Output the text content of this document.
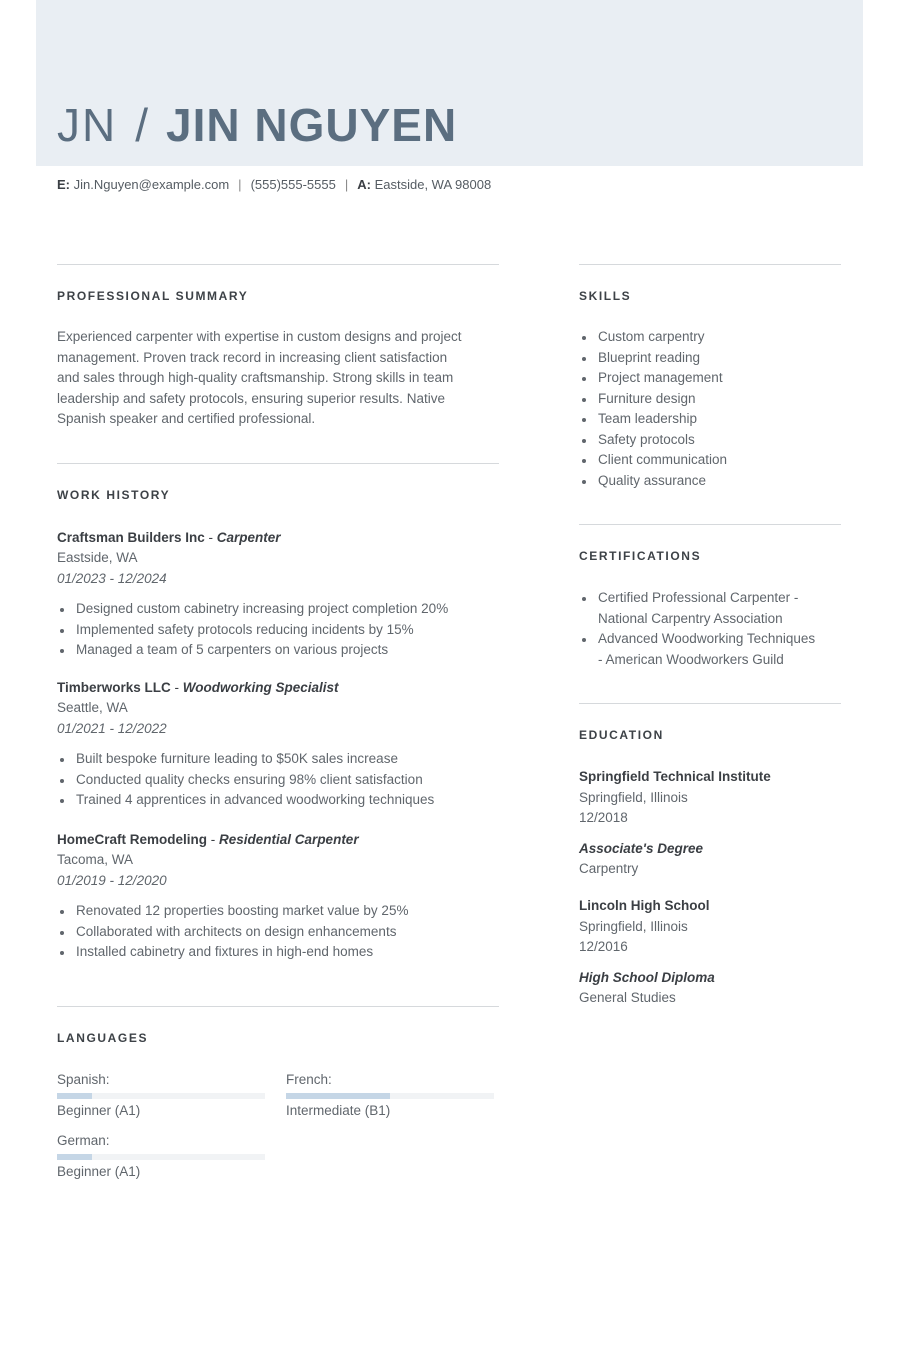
JN / JIN NGUYEN
E: Jin.Nguyen@example.com | (555)555-5555 | A: Eastside, WA 98008
PROFESSIONAL SUMMARY
Experienced carpenter with expertise in custom designs and project
management. Proven track record in increasing client satisfaction
and sales through high-quality craftsmanship. Strong skills in team
leadership and safety protocols, ensuring superior results. Native
Spanish speaker and certified professional.
WORK HISTORY
Craftsman Builders Inc - Carpenter
Eastside, WA
01/2023 - 12/2024
Designed custom cabinetry increasing project completion 20%
Implemented safety protocols reducing incidents by 15%
Managed a team of 5 carpenters on various projects
Timberworks LLC - Woodworking Specialist
Seattle, WA
01/2021 - 12/2022
Built bespoke furniture leading to $50K sales increase
Conducted quality checks ensuring 98% client satisfaction
Trained 4 apprentices in advanced woodworking techniques
HomeCraft Remodeling - Residential Carpenter
Tacoma, WA
01/2019 - 12/2020
Renovated 12 properties boosting market value by 25%
Collaborated with architects on design enhancements
Installed cabinetry and fixtures in high-end homes
LANGUAGES
Spanish:
Beginner (A1)
French:
Intermediate (B1)
German:
Beginner (A1)
SKILLS
Custom carpentry
Blueprint reading
Project management
Furniture design
Team leadership
Safety protocols
Client communication
Quality assurance
CERTIFICATIONS
Certified Professional Carpenter -
National Carpentry Association
Advanced Woodworking Techniques
- American Woodworkers Guild
EDUCATION
Springfield Technical Institute
Springfield, Illinois
12/2018
Associate's Degree
Carpentry
Lincoln High School
Springfield, Illinois
12/2016
High School Diploma
General Studies
